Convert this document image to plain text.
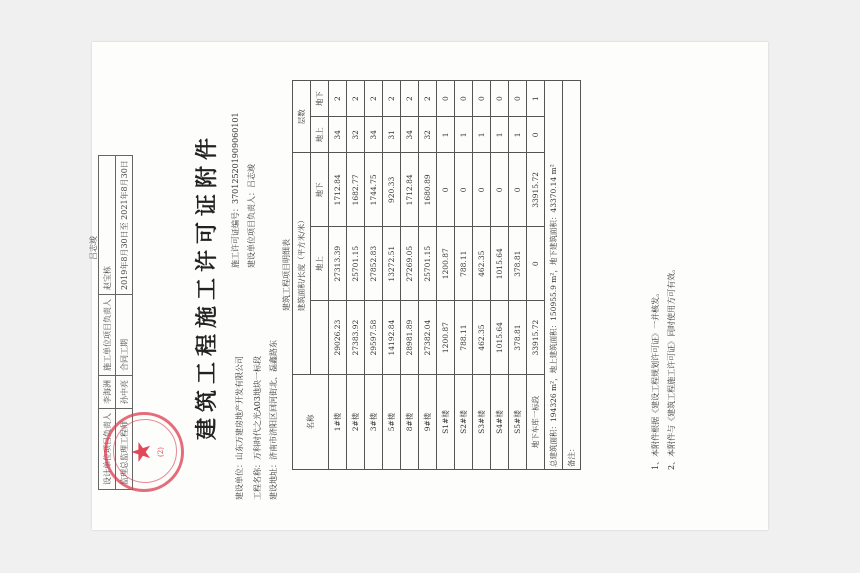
设计单位项目负责人	李海洲	施工单位项目负责人	赵宝栋
监理总监理工程师	孙中亮	合同工期	2019年8月30日至 2021年8月30日
吕志竣
★ (2)
建筑工程施工许可证附件 施工许可证编号：370125201909060101 建设单位项目负责人：吕志竣
建设单位：山东万建房地产开发有限公司 工程名称：万科时代之光A03地块一标段 建设地址：济南市济阳区回河街北、磊鑫路东
建筑工程项目明细表					
名称	建筑面积/长度（平方米/米）			层数	
		地上	地下	地上	地下
1#楼	29026.23	27313.39	1712.84	34	2
2#楼	27383.92	25701.15	1682.77	32	2
3#楼	29597.58	27852.83	1744.75	34	2
5#楼	14192.84	13272.51	920.33	31	2
8#楼	28981.89	27269.05	1712.84	34	2
9#楼	27382.04	25701.15	1680.89	32	2
S1#楼	1200.87	1200.87	0	1	0
S2#楼	788.11	788.11	0	1	0
S3#楼	462.35	462.35	0	1	0
S4#楼	1015.64	1015.64	0	1	0
S5#楼	378.81	378.81	0	1	0
地下车库一标段	33915.72	0	33915.72	0	1
总建筑面积：194326 m²，地上建筑面积：150955.9 m²，地下建筑面积：43370.14 m²					
备注：						1、本附件根据《建设工程规划许可证》一并核发。 2、本附件与《建筑工程施工许可证》同时使用方可有效。
